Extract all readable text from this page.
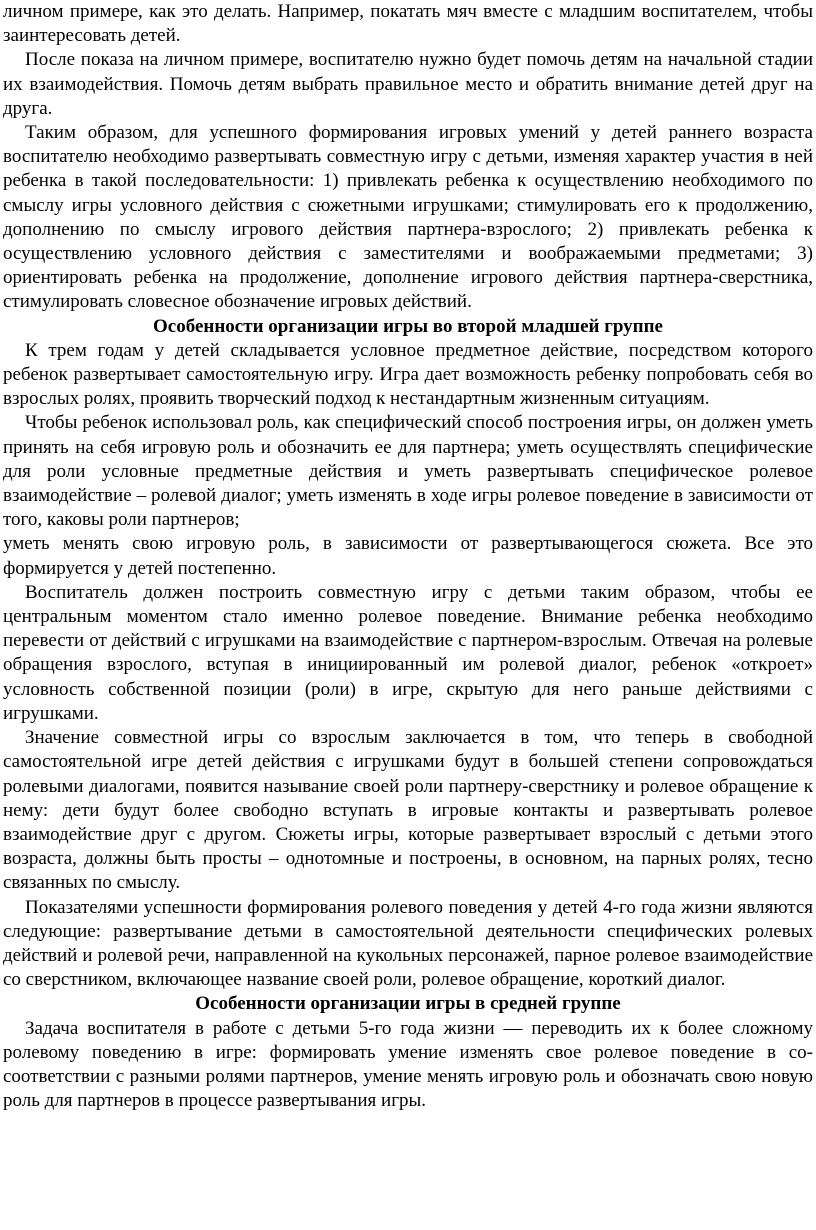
личном примере, как это делать. Например, покатать мяч вместе с младшим воспитателем, чтобы заинтересовать детей.

После показа на личном примере, воспитателю нужно будет помочь детям на начальной стадии их взаимодействия. Помочь детям выбрать правильное место и обратить внимание детей друг на друга.

Таким образом, для успешного формирования игровых умений у детей раннего возраста воспитателю необходимо развертывать совместную игру с детьми, изменяя характер участия в ней ребенка в такой последовательности: 1) привлекать ребенка к осуществлению необходимого по смыслу игры условного действия с сюжетными игрушками; стимулировать его к продолжению, дополнению по смыслу игрового действия партнера-взрослого; 2) привлекать ребенка к осуществлению условного действия с заместителями и воображаемыми предметами; 3) ориентировать ребенка на продолжение, дополнение игрового действия партнера-сверстника, стимулировать словесное обозначение игровых действий.

Особенности организации игры во второй младшей группе

К трем годам у детей складывается условное предметное действие, посредством которого ребенок развертывает самостоятельную игру. Игра дает возможность ребенку попробовать себя во взрослых ролях, проявить творческий подход к нестандартным жизненным ситуациям.

Чтобы ребенок использовал роль, как специфический способ построения игры, он должен уметь принять на себя игровую роль и обозначить ее для партнера; уметь осуществлять специфические для роли условные предметные действия и уметь развертывать специфическое ролевое взаимодействие – ролевой диалог; уметь изменять в ходе игры ролевое поведение в зависимости от того, каковы роли партнеров;

уметь менять свою игровую роль, в зависимости от развертывающегося сюжета. Все это формируется у детей постепенно.

Воспитатель должен построить совместную игру с детьми таким образом, чтобы ее центральным моментом стало именно ролевое поведение. Внимание ребенка необходимо перевести от действий с игрушками на взаимодействие с партнером-взрослым. Отвечая на ролевые обращения взрослого, вступая в инициированный им ролевой диалог, ребенок «откроет» условность собственной позиции (роли) в игре, скрытую для него раньше действиями с игрушками.

Значение совместной игры со взрослым заключается в том, что теперь в свободной самостоятельной игре детей действия с игрушками будут в большей степени сопровождаться ролевыми диалогами, появится называние своей роли партнеру-сверстнику и ролевое обращение к нему: дети будут более свободно вступать в игровые контакты и развертывать ролевое взаимодействие друг с другом. Сюжеты игры, которые развертывает взрослый с детьми этого возраста, должны быть просты – однотомные и построены, в основном, на парных ролях, тесно связанных по смыслу.

Показателями успешности формирования ролевого поведения у детей 4-го года жизни являются следующие: развертывание детьми в самостоятельной деятельности специфических ролевых действий и ролевой речи, направленной на кукольных персонажей, парное ролевое взаимодействие со сверстником, включающее название своей роли, ролевое обращение, короткий диалог.

Особенности организации игры в средней группе

Задача воспитателя в работе с детьми 5-го года жизни — переводить их к более сложному ролевому поведению в игре: формировать умение изменять свое ролевое поведение в со-соответствии с разными ролями партнеров, умение менять игровую роль и обозначать свою новую роль для партнеров в процессе развертывания игры.
